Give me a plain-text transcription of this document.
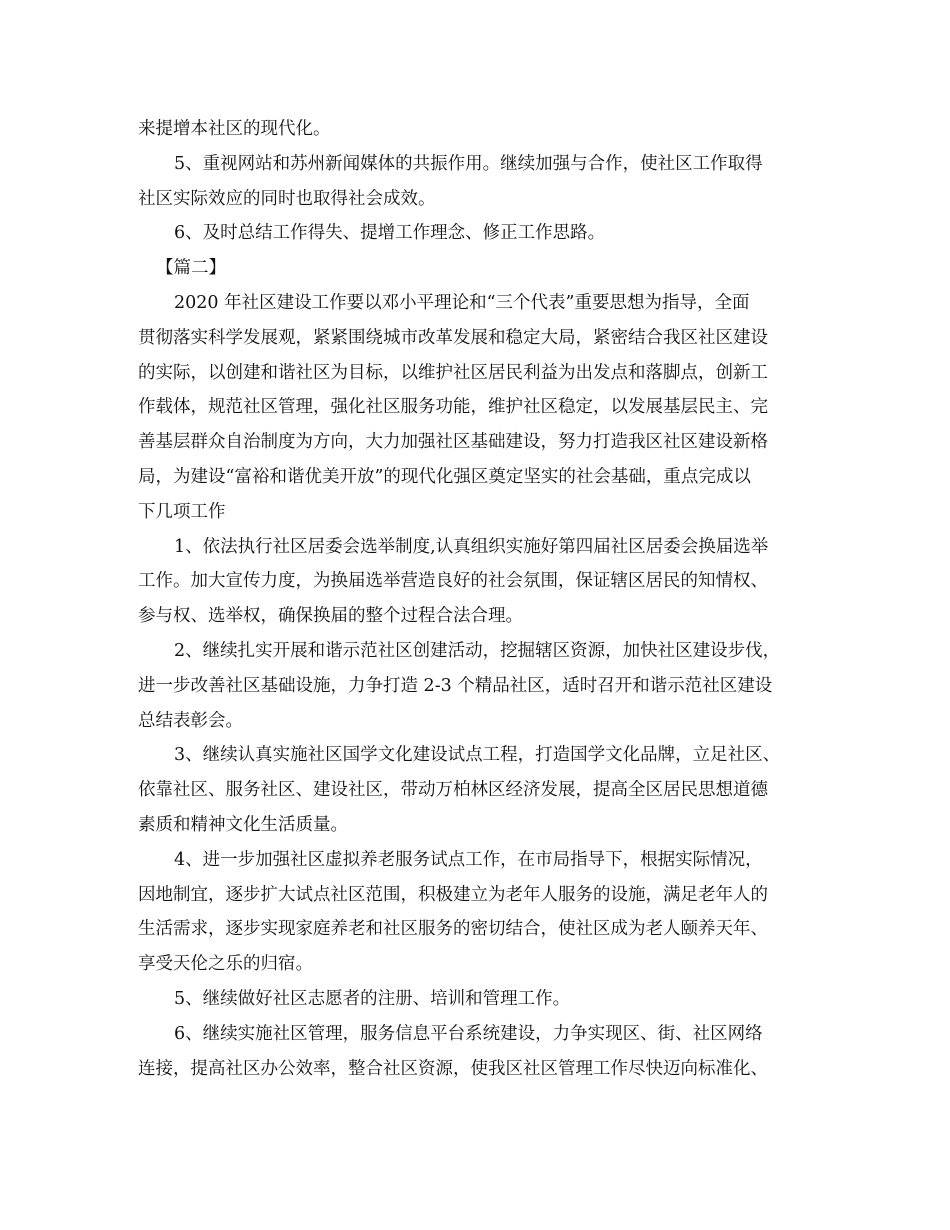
来提增本社区的现代化。
5、重视网站和苏州新闻媒体的共振作用。继续加强与合作，使社区工作取得
社区实际效应的同时也取得社会成效。
6、及时总结工作得失、提增工作理念、修正工作思路。
【篇二】
2020 年社区建设工作要以邓小平理论和“三个代表”重要思想为指导，全面
贯彻落实科学发展观，紧紧围绕城市改革发展和稳定大局，紧密结合我区社区建设
的实际，以创建和谐社区为目标，以维护社区居民利益为出发点和落脚点，创新工
作载体，规范社区管理，强化社区服务功能，维护社区稳定，以发展基层民主、完
善基层群众自治制度为方向，大力加强社区基础建设，努力打造我区社区建设新格
局，为建设“富裕和谐优美开放”的现代化强区奠定坚实的社会基础，重点完成以
下几项工作
1、依法执行社区居委会选举制度,认真组织实施好第四届社区居委会换届选举
工作。加大宣传力度，为换届选举营造良好的社会氛围，保证辖区居民的知情权、
参与权、选举权，确保换届的整个过程合法合理。
2、继续扎实开展和谐示范社区创建活动，挖掘辖区资源，加快社区建设步伐，
进一步改善社区基础设施，力争打造 2-3 个精品社区，适时召开和谐示范社区建设
总结表彰会。
3、继续认真实施社区国学文化建设试点工程，打造国学文化品牌，立足社区、
依靠社区、服务社区、建设社区，带动万柏林区经济发展，提高全区居民思想道德
素质和精神文化生活质量。
4、进一步加强社区虚拟养老服务试点工作，在市局指导下，根据实际情况，
因地制宜，逐步扩大试点社区范围，积极建立为老年人服务的设施，满足老年人的
生活需求，逐步实现家庭养老和社区服务的密切结合，使社区成为老人颐养天年、
享受天伦之乐的归宿。
5、继续做好社区志愿者的注册、培训和管理工作。
6、继续实施社区管理，服务信息平台系统建设，力争实现区、街、社区网络
连接，提高社区办公效率，整合社区资源，使我区社区管理工作尽快迈向标准化、
